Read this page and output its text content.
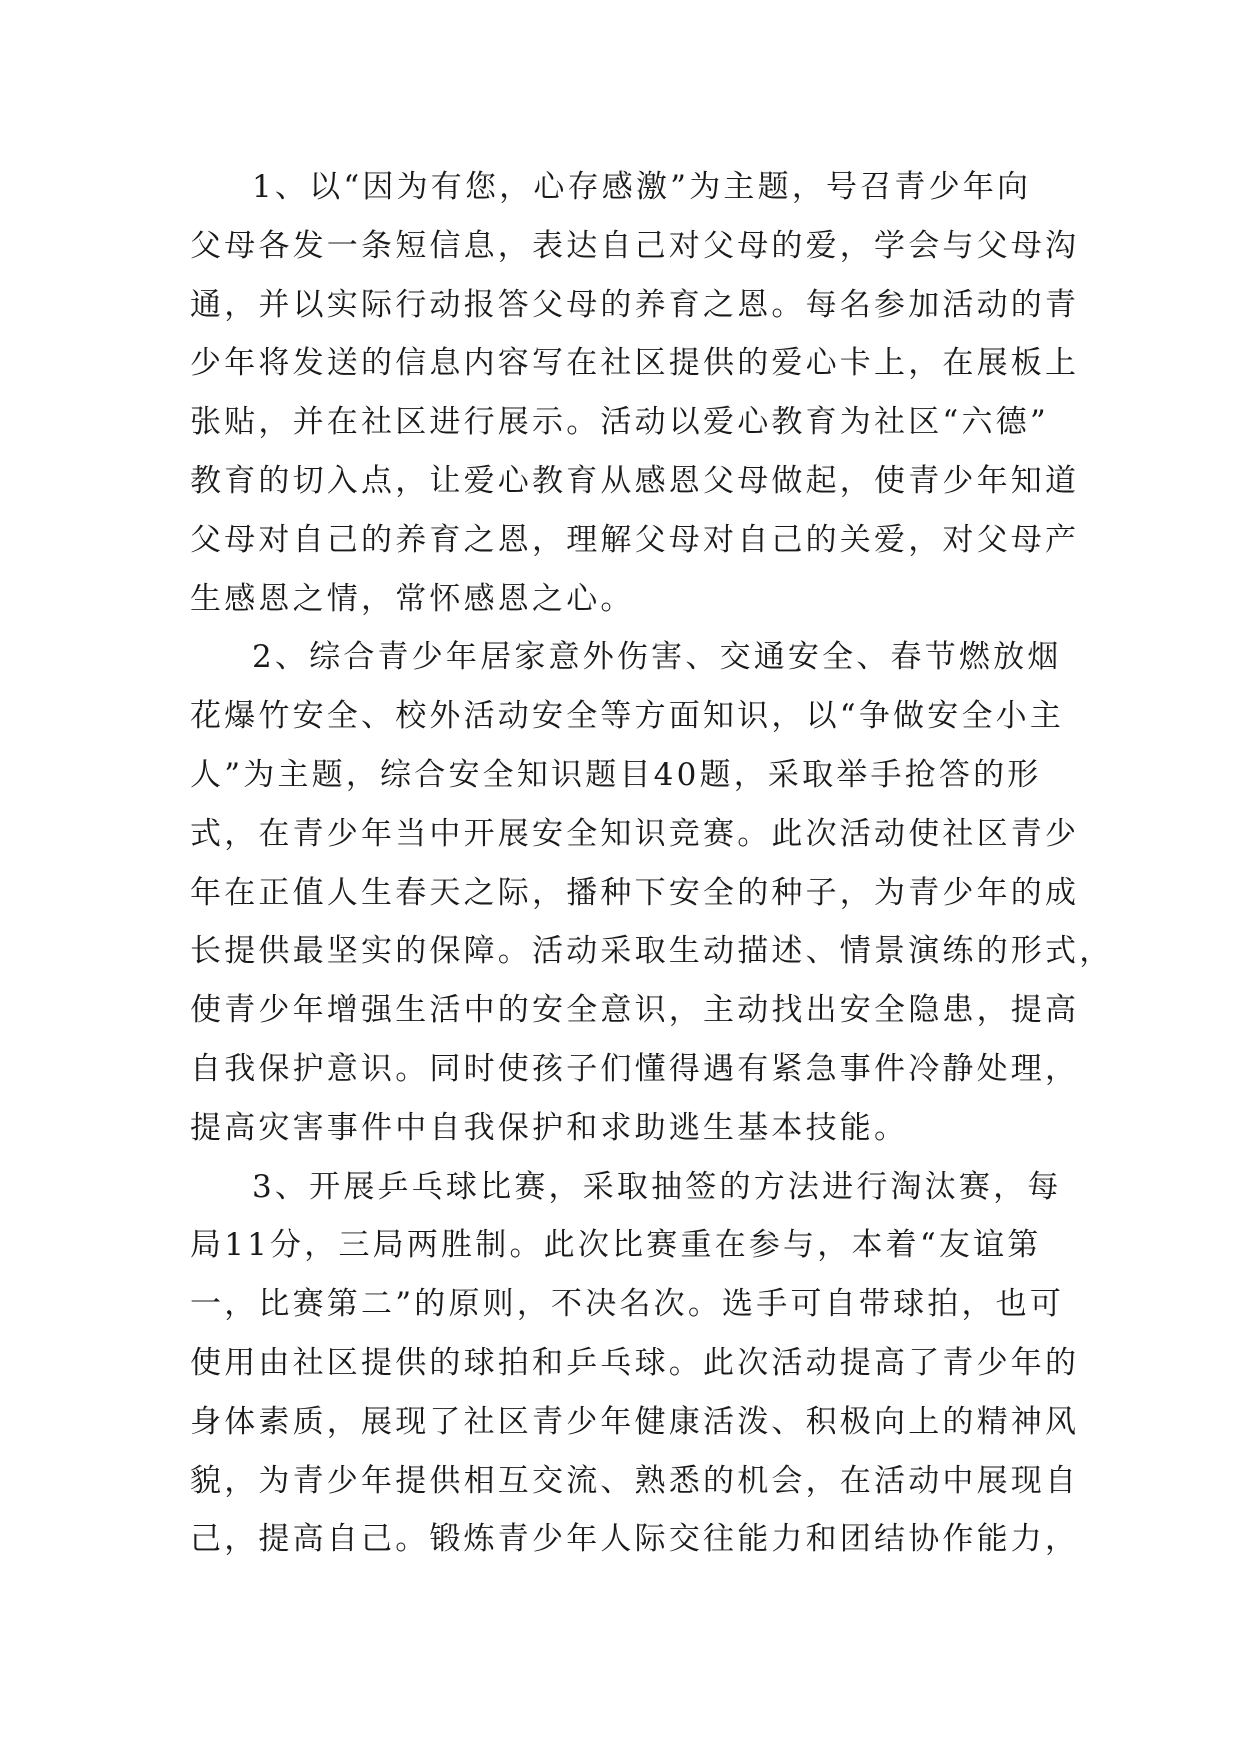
1、以“因为有您，心存感激”为主题，号召青少年向
父母各发一条短信息，表达自己对父母的爱，学会与父母沟
通，并以实际行动报答父母的养育之恩。每名参加活动的青
少年将发送的信息内容写在社区提供的爱心卡上，在展板上
张贴，并在社区进行展示。活动以爱心教育为社区“六德”
教育的切入点，让爱心教育从感恩父母做起，使青少年知道
父母对自己的养育之恩，理解父母对自己的关爱，对父母产
生感恩之情，常怀感恩之心。

2、综合青少年居家意外伤害、交通安全、春节燃放烟
花爆竹安全、校外活动安全等方面知识，以“争做安全小主
人”为主题，综合安全知识题目40题，采取举手抢答的形
式，在青少年当中开展安全知识竞赛。此次活动使社区青少
年在正值人生春天之际，播种下安全的种子，为青少年的成
长提供最坚实的保障。活动采取生动描述、情景演练的形式，
使青少年增强生活中的安全意识，主动找出安全隐患，提高
自我保护意识。同时使孩子们懂得遇有紧急事件冷静处理，
提高灾害事件中自我保护和求助逃生基本技能。

3、开展乒乓球比赛，采取抽签的方法进行淘汰赛，每
局11分，三局两胜制。此次比赛重在参与，本着“友谊第
一，比赛第二”的原则，不决名次。选手可自带球拍，也可
使用由社区提供的球拍和乒乓球。此次活动提高了青少年的
身体素质，展现了社区青少年健康活泼、积极向上的精神风
貌，为青少年提供相互交流、熟悉的机会，在活动中展现自
己，提高自己。锻炼青少年人际交往能力和团结协作能力，
